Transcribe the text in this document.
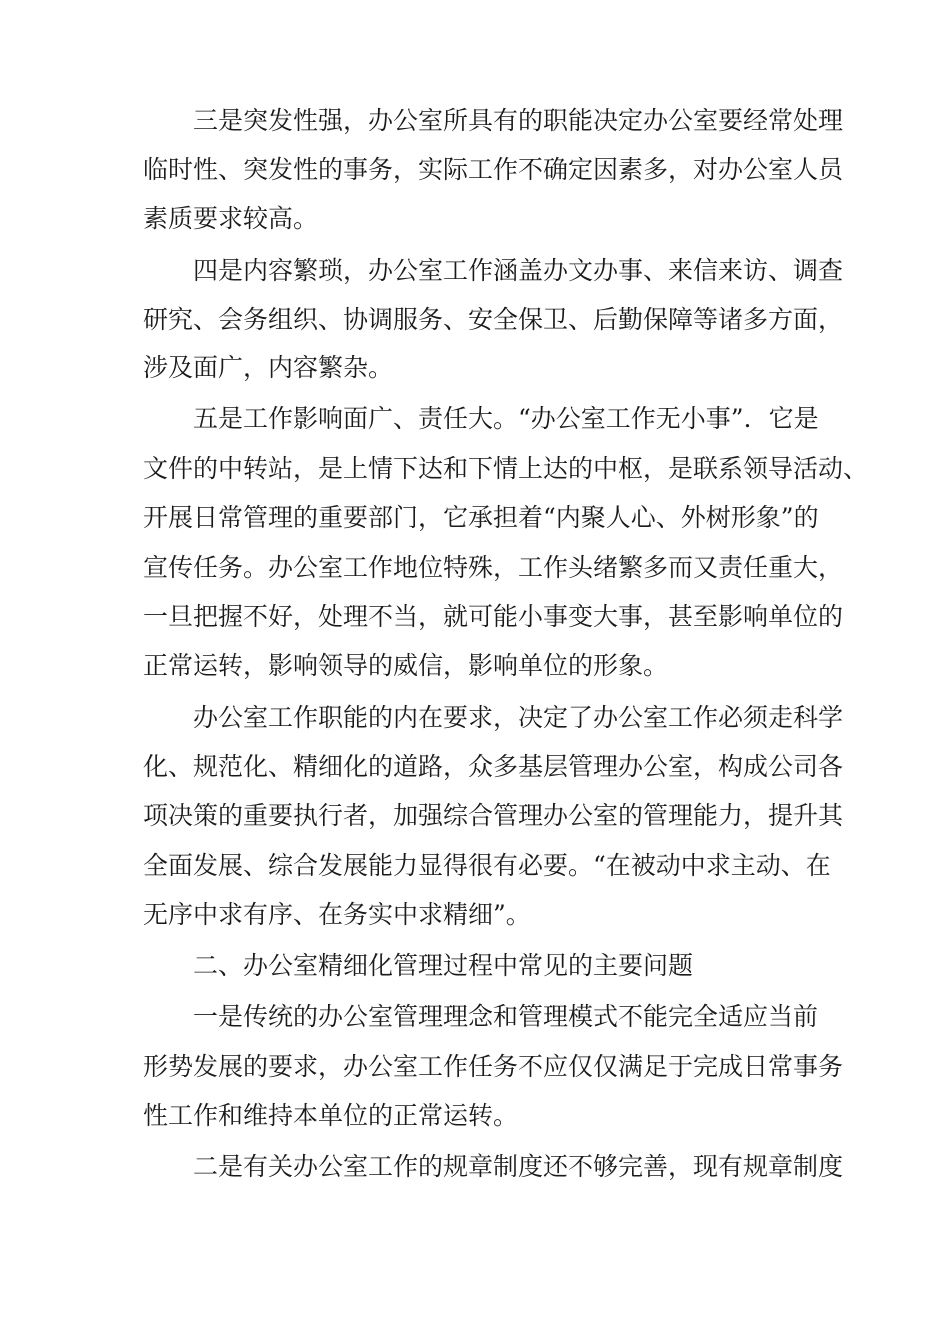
　　三是突发性强，办公室所具有的职能决定办公室要经常处理
临时性、突发性的事务，实际工作不确定因素多，对办公室人员
素质要求较高。
　　四是内容繁琐，办公室工作涵盖办文办事、来信来访、调查
研究、会务组织、协调服务、安全保卫、后勤保障等诸多方面，
涉及面广，内容繁杂。
　　五是工作影响面广、责任大。“办公室工作无小事”．它是
文件的中转站，是上情下达和下情上达的中枢，是联系领导活动、
开展日常管理的重要部门，它承担着“内聚人心、外树形象”的
宣传任务。办公室工作地位特殊，工作头绪繁多而又责任重大，
一旦把握不好，处理不当，就可能小事变大事，甚至影响单位的
正常运转，影响领导的威信，影响单位的形象。
　　办公室工作职能的内在要求，决定了办公室工作必须走科学
化、规范化、精细化的道路，众多基层管理办公室，构成公司各
项决策的重要执行者，加强综合管理办公室的管理能力，提升其
全面发展、综合发展能力显得很有必要。“在被动中求主动、在
无序中求有序、在务实中求精细”。
　　二、办公室精细化管理过程中常见的主要问题
　　一是传统的办公室管理理念和管理模式不能完全适应当前
形势发展的要求，办公室工作任务不应仅仅满足于完成日常事务
性工作和维持本单位的正常运转。
　　二是有关办公室工作的规章制度还不够完善，现有规章制度
